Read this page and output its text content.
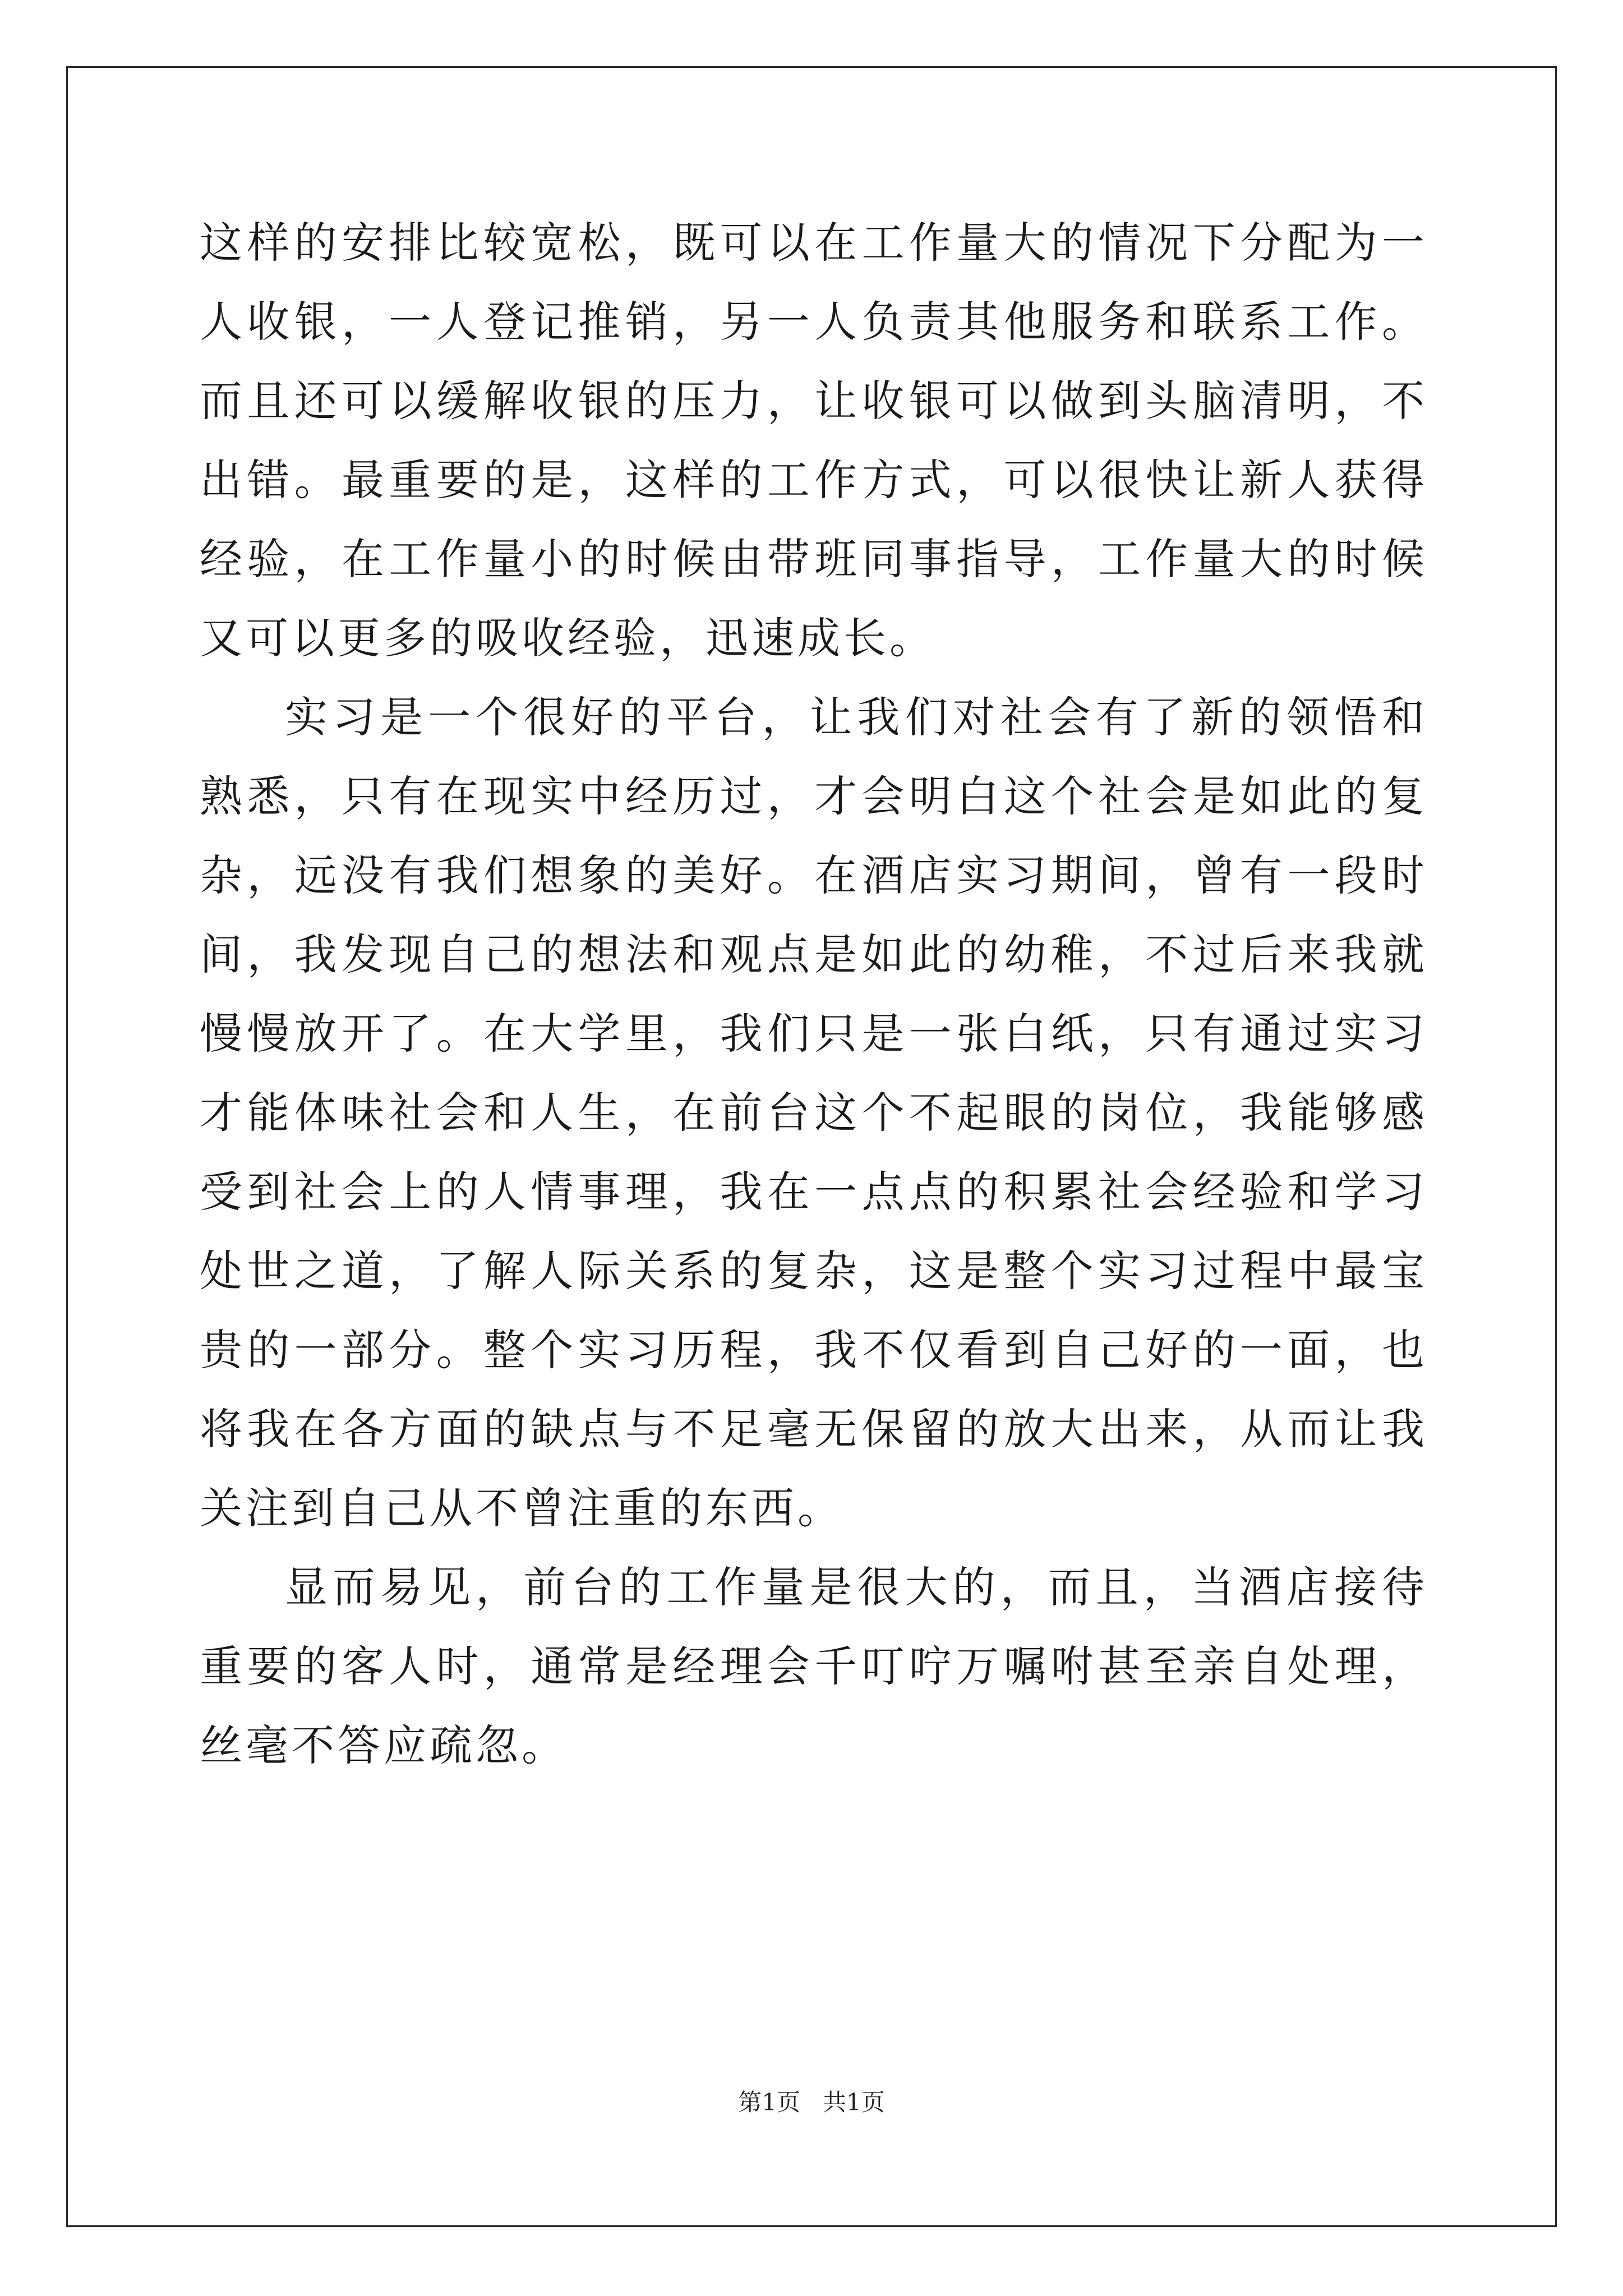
这样的安排比较宽松，既可以在工作量大的情况下分配为一人收银，一人登记推销，另一人负责其他服务和联系工作。而且还可以缓解收银的压力，让收银可以做到头脑清明，不出错。最重要的是，这样的工作方式，可以很快让新人获得经验，在工作量小的时候由带班同事指导，工作量大的时候又可以更多的吸收经验，迅速成长。

实习是一个很好的平台，让我们对社会有了新的领悟和熟悉，只有在现实中经历过，才会明白这个社会是如此的复杂，远没有我们想象的美好。在酒店实习期间，曾有一段时间，我发现自己的想法和观点是如此的幼稚，不过后来我就慢慢放开了。在大学里，我们只是一张白纸，只有通过实习才能体味社会和人生，在前台这个不起眼的岗位，我能够感受到社会上的人情事理，我在一点点的积累社会经验和学习处世之道，了解人际关系的复杂，这是整个实习过程中最宝贵的一部分。整个实习历程，我不仅看到自己好的一面，也将我在各方面的缺点与不足毫无保留的放大出来，从而让我关注到自己从不曾注重的东西。

显而易见，前台的工作量是很大的，而且，当酒店接待重要的客人时，通常是经理会千叮咛万嘱咐甚至亲自处理，丝毫不答应疏忽。

第1页 共1页
